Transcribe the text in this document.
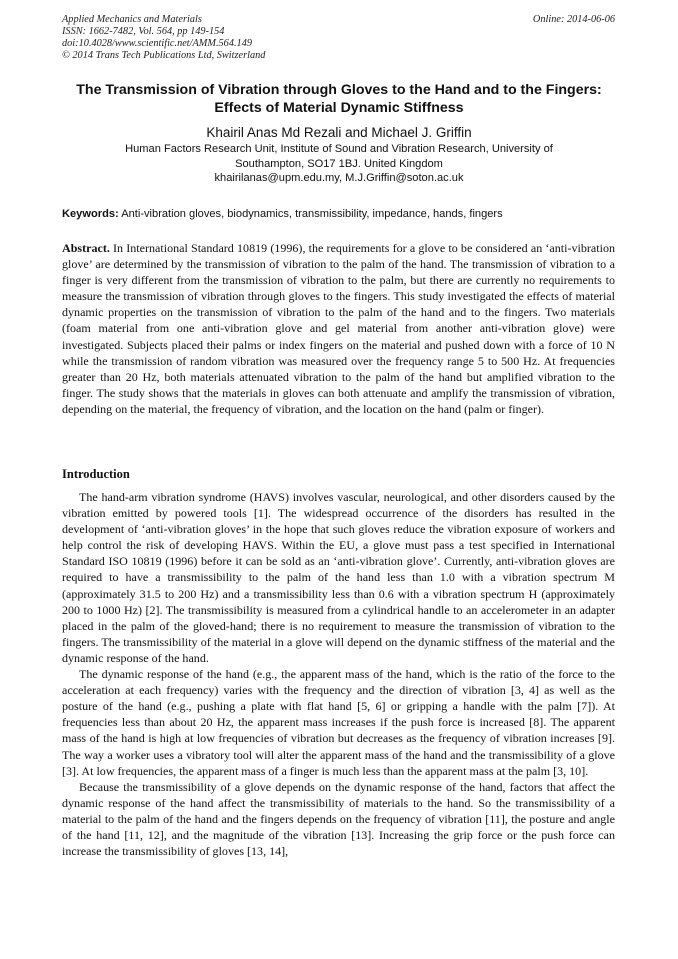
Applied Mechanics and Materials
ISSN: 1662-7482, Vol. 564, pp 149-154
doi:10.4028/www.scientific.net/AMM.564.149
© 2014 Trans Tech Publications Ltd, Switzerland
Online: 2014-06-06
The Transmission of Vibration through Gloves to the Hand and to the Fingers: Effects of Material Dynamic Stiffness
Khairil Anas Md Rezali and Michael J. Griffin
Human Factors Research Unit, Institute of Sound and Vibration Research, University of
Southampton, SO17 1BJ. United Kingdom
khairilanas@upm.edu.my, M.J.Griffin@soton.ac.uk
Keywords: Anti-vibration gloves, biodynamics, transmissibility, impedance, hands, fingers

Abstract. In International Standard 10819 (1996), the requirements for a glove to be considered an ‘anti-vibration glove’ are determined by the transmission of vibration to the palm of the hand. The transmission of vibration to a finger is very different from the transmission of vibration to the palm, but there are currently no requirements to measure the transmission of vibration through gloves to the fingers. This study investigated the effects of material dynamic properties on the transmission of vibration to the palm of the hand and to the fingers. Two materials (foam material from one anti-vibration glove and gel material from another anti-vibration glove) were investigated. Subjects placed their palms or index fingers on the material and pushed down with a force of 10 N while the transmission of random vibration was measured over the frequency range 5 to 500 Hz. At frequencies greater than 20 Hz, both materials attenuated vibration to the palm of the hand but amplified vibration to the finger. The study shows that the materials in gloves can both attenuate and amplify the transmission of vibration, depending on the material, the frequency of vibration, and the location on the hand (palm or finger).

Introduction

The hand-arm vibration syndrome (HAVS) involves vascular, neurological, and other disorders caused by the vibration emitted by powered tools [1]. The widespread occurrence of the disorders has resulted in the development of ‘anti-vibration gloves’ in the hope that such gloves reduce the vibration exposure of workers and help control the risk of developing HAVS. Within the EU, a glove must pass a test specified in International Standard ISO 10819 (1996) before it can be sold as an ‘anti-vibration glove’. Currently, anti-vibration gloves are required to have a transmissibility to the palm of the hand less than 1.0 with a vibration spectrum M (approximately 31.5 to 200 Hz) and a transmissibility less than 0.6 with a vibration spectrum H (approximately 200 to 1000 Hz) [2]. The transmissibility is measured from a cylindrical handle to an accelerometer in an adapter placed in the palm of the gloved-hand; there is no requirement to measure the transmission of vibration to the fingers. The transmissibility of the material in a glove will depend on the dynamic stiffness of the material and the dynamic response of the hand.

The dynamic response of the hand (e.g., the apparent mass of the hand, which is the ratio of the force to the acceleration at each frequency) varies with the frequency and the direction of vibration [3, 4] as well as the posture of the hand (e.g., pushing a plate with flat hand [5, 6] or gripping a handle with the palm [7]). At frequencies less than about 20 Hz, the apparent mass increases if the push force is increased [8]. The apparent mass of the hand is high at low frequencies of vibration but decreases as the frequency of vibration increases [9]. The way a worker uses a vibratory tool will alter the apparent mass of the hand and the transmissibility of a glove [3]. At low frequencies, the apparent mass of a finger is much less than the apparent mass at the palm [3, 10].

Because the transmissibility of a glove depends on the dynamic response of the hand, factors that affect the dynamic response of the hand affect the transmissibility of materials to the hand. So the transmissibility of a material to the palm of the hand and the fingers depends on the frequency of vibration [11], the posture and angle of the hand [11, 12], and the magnitude of the vibration [13]. Increasing the grip force or the push force can increase the transmissibility of gloves [13, 14],
